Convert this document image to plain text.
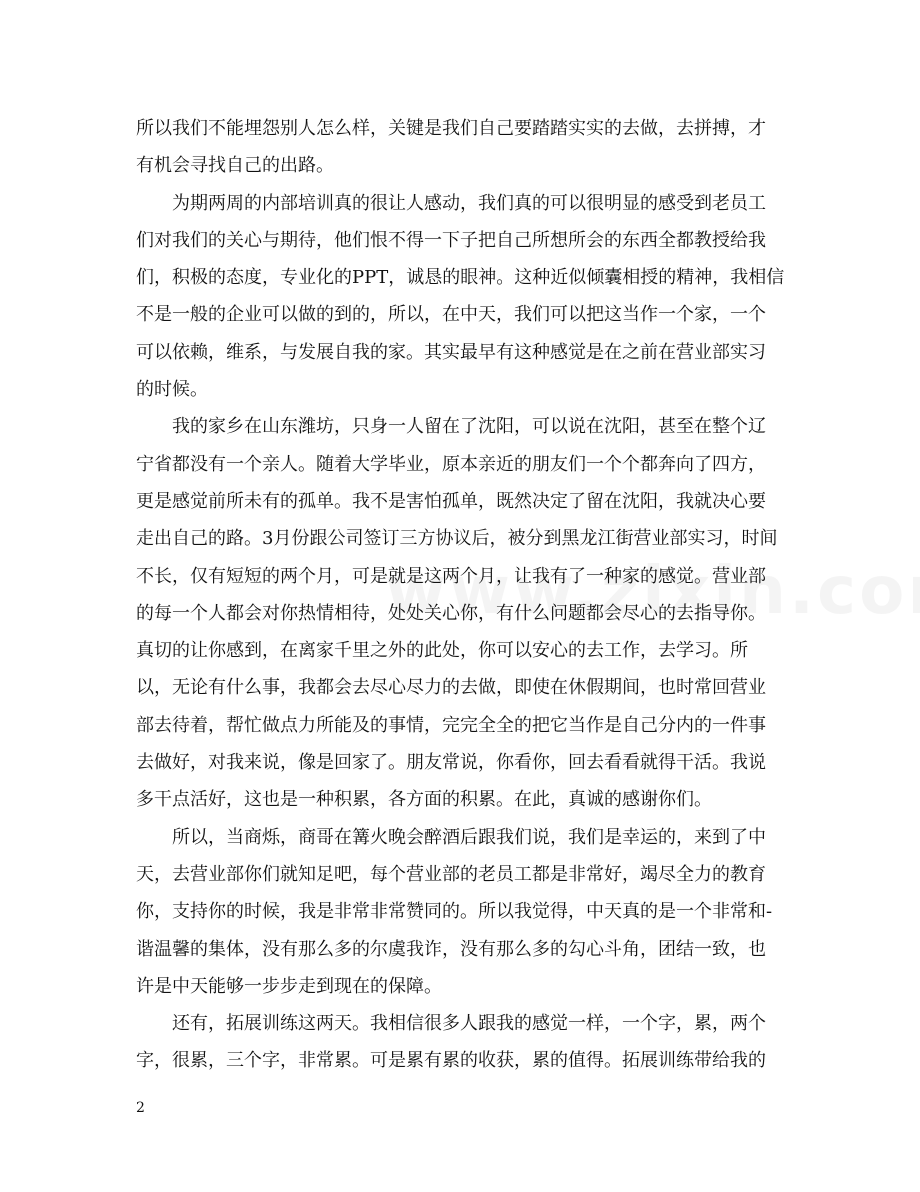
所以我们不能埋怨别人怎么样，关键是我们自己要踏踏实实的去做，去拼搏，才
有机会寻找自己的出路。
为期两周的内部培训真的很让人感动，我们真的可以很明显的感受到老员工
们对我们的关心与期待，他们恨不得一下子把自己所想所会的东西全都教授给我
们，积极的态度，专业化的PPT，诚恳的眼神。这种近似倾囊相授的精神，我相信
不是一般的企业可以做的到的，所以，在中天，我们可以把这当作一个家，一个
可以依赖，维系，与发展自我的家。其实最早有这种感觉是在之前在营业部实习
的时候。
我的家乡在山东潍坊，只身一人留在了沈阳，可以说在沈阳，甚至在整个辽
宁省都没有一个亲人。随着大学毕业，原本亲近的朋友们一个个都奔向了四方，
更是感觉前所未有的孤单。我不是害怕孤单，既然决定了留在沈阳，我就决心要
走出自己的路。3月份跟公司签订三方协议后，被分到黑龙江街营业部实习，时间
不长，仅有短短的两个月，可是就是这两个月，让我有了一种家的感觉。营业部
的每一个人都会对你热情相待，处处关心你，有什么问题都会尽心的去指导你。
真切的让你感到，在离家千里之外的此处，你可以安心的去工作，去学习。所
以，无论有什么事，我都会去尽心尽力的去做，即使在休假期间，也时常回营业
部去待着，帮忙做点力所能及的事情，完完全全的把它当作是自己分内的一件事
去做好，对我来说，像是回家了。朋友常说，你看你，回去看看就得干活。我说
多干点活好，这也是一种积累，各方面的积累。在此，真诚的感谢你们。
所以，当商烁，商哥在篝火晚会醉酒后跟我们说，我们是幸运的，来到了中
天，去营业部你们就知足吧，每个营业部的老员工都是非常好，竭尽全力的教育
你，支持你的时候，我是非常非常赞同的。所以我觉得，中天真的是一个非常和-
谐温馨的集体，没有那么多的尔虞我诈，没有那么多的勾心斗角，团结一致，也
许是中天能够一步步走到现在的保障。
还有，拓展训练这两天。我相信很多人跟我的感觉一样，一个字，累，两个
字，很累，三个字，非常累。可是累有累的收获，累的值得。拓展训练带给我的
2
